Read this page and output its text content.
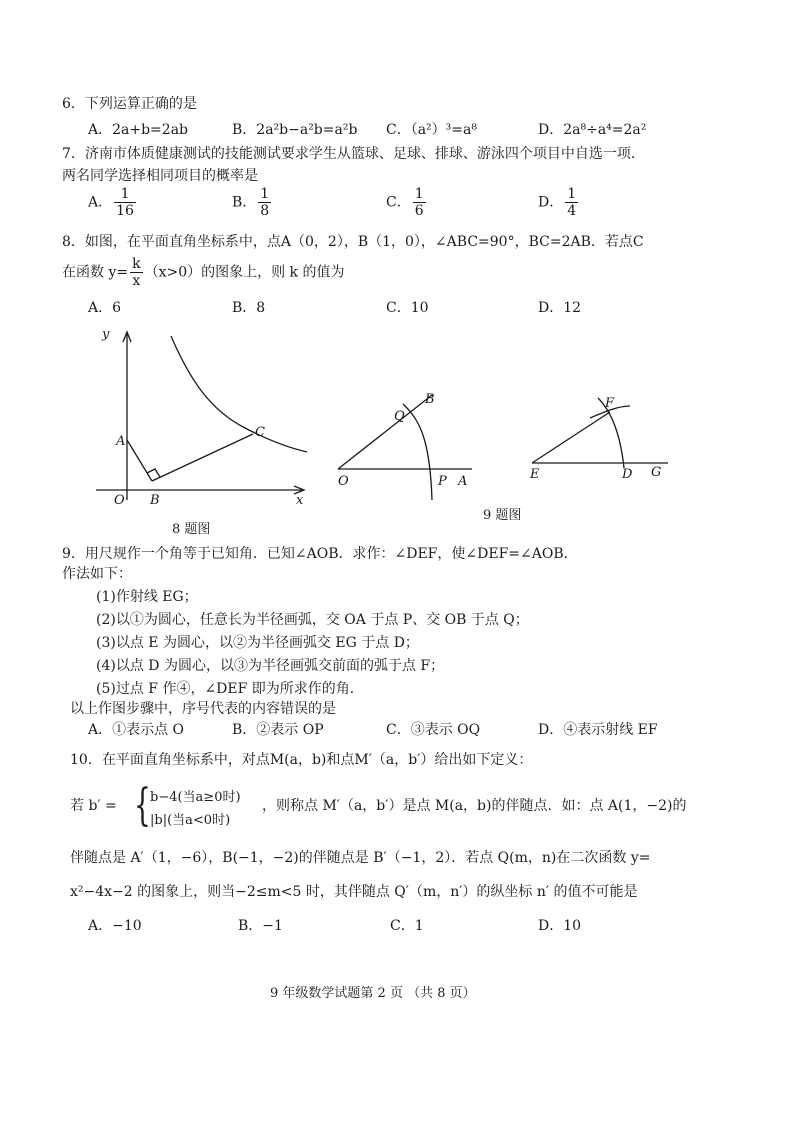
6．下列运算正确的是
A．2a+b=2ab	B．2a²b−a²b=a²b C．（a²）³=a⁸	D．2a⁸÷a⁴=2a²
7．济南市体质健康测试的技能测试要求学生从篮球、足球、排球、游泳四个项目中自选一项．
两名同学选择相同项目的概率是
A． $\frac{1}{16}$	B． $\frac{1}{8}$	C． $\frac{1}{6}$	D． $\frac{1}{4}$
8．如图，在平面直角坐标系中，点A（0，2），B（1，0），∠ABC=90°，BC=2AB．若点C
在函数 $y= \frac{k}{x} (x>0)$的图象上，则 k 的值为
A．6	B．8	C．10	D．12
y
x
O
A
B
C
8 题图
O
Q
B
P A
F
E	D G
9 题图
9．用尺规作一个角等于已知角．已知∠AOB．求作：∠DEF，使∠DEF=∠AOB．
作法如下：
(1)作射线 EG；
(2)以①为圆心，任意长为半径画弧，交 OA 于点 P、交 OB 于点 Q；
(3)以点 E 为圆心，以②为半径画弧交 EG 于点 D；
(4)以点 D 为圆心，以③为半径画弧交前面的弧于点 F；
(5)过点 F 作④，∠DEF 即为所求作的角．
以上作图步骤中，序号代表的内容错误的是
A．①表示点 O	B．②表示 OP	C．③表示 OQ	D．④表示射线 EF
10．在平面直角坐标系中，对点M(a，b)和点M′（a，b′）给出如下定义：
若 b′ = { b−4(当a≥0时)
|b|(当a<0时)
，则称点 M′（a，b′）是点 M(a，b)的伴随点．如：点 A(1，−2)的
伴随点是 A′（1，−6），B(−1，−2)的伴随点是 B′（−1，2）．若点 Q(m，n)在二次函数 y=
x²−4x−2 的图象上，则当−2≤m<5 时，其伴随点 Q′（m，n′）的纵坐标 n′ 的值不可能是
A．−10	B．−1	C．1	D．10
9 年级数学试题第 2 页 （共 8 页）
